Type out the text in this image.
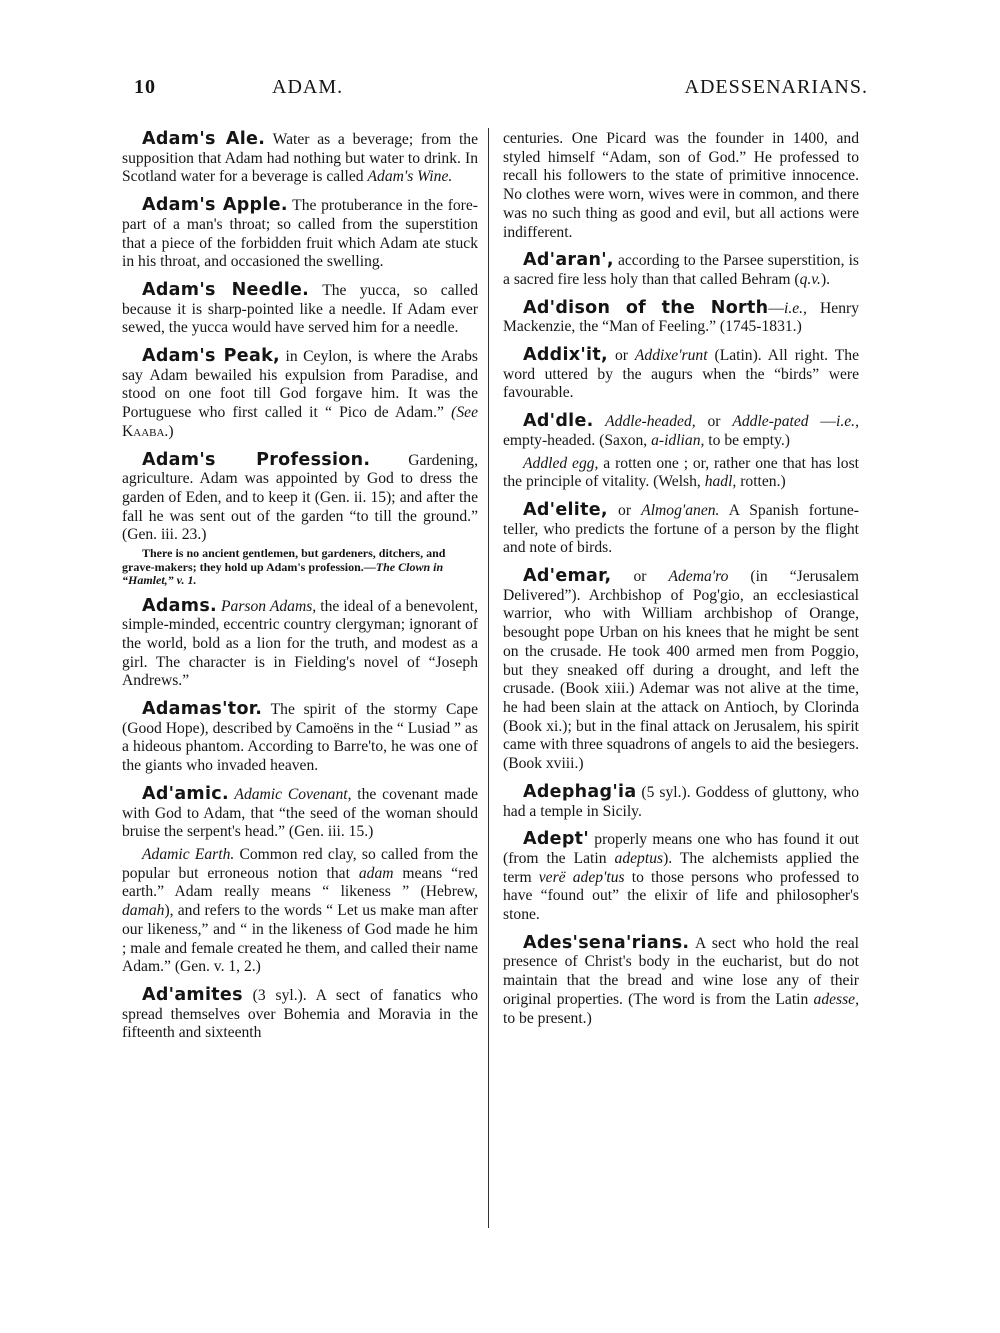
10	ADAM.	ADESSENARIANS.

Adam's Ale. Water as a beverage; from the supposition that Adam had nothing but water to drink. In Scotland water for a beverage is called Adam's Wine.

Adam's Apple. The protuberance in the fore-part of a man's throat; so called from the superstition that a piece of the forbidden fruit which Adam ate stuck in his throat, and occasioned the swelling.

Adam's Needle. The yucca, so called because it is sharp-pointed like a needle. If Adam ever sewed, the yucca would have served him for a needle.

Adam's Peak, in Ceylon, is where the Arabs say Adam bewailed his expulsion from Paradise, and stood on one foot till God forgave him. It was the Portuguese who first called it “ Pico de Adam.” (See Kaaba.)

Adam's Profession. Gardening, agriculture. Adam was appointed by God to dress the garden of Eden, and to keep it (Gen. ii. 15); and after the fall he was sent out of the garden “to till the ground.” (Gen. iii. 23.)

There is no ancient gentlemen, but gardeners, ditchers, and grave-makers; they hold up Adam's profession.—The Clown in “Hamlet,” v. 1.

Adams. Parson Adams, the ideal of a benevolent, simple-minded, eccentric country clergyman; ignorant of the world, bold as a lion for the truth, and modest as a girl. The character is in Fielding's novel of “Joseph Andrews.”

Adamas'tor. The spirit of the stormy Cape (Good Hope), described by Camoëns in the “ Lusiad ” as a hideous phantom. According to Barre'to, he was one of the giants who invaded heaven.

Ad'amic. Adamic Covenant, the covenant made with God to Adam, that “the seed of the woman should bruise the serpent's head.” (Gen. iii. 15.)

Adamic Earth. Common red clay, so called from the popular but erroneous notion that adam means “red earth.” Adam really means “ likeness ” (Hebrew, damah), and refers to the words “ Let us make man after our likeness,” and “ in the likeness of God made he him ; male and female created he them, and called their name Adam.” (Gen. v. 1, 2.)

Ad'amites (3 syl.). A sect of fanatics who spread themselves over Bohemia and Moravia in the fifteenth and sixteenth

centuries. One Picard was the founder in 1400, and styled himself “Adam, son of God.” He professed to recall his followers to the state of primitive innocence. No clothes were worn, wives were in common, and there was no such thing as good and evil, but all actions were indifferent.

Ad'aran', according to the Parsee superstition, is a sacred fire less holy than that called Behram (q.v.).

Ad'dison of the North—i.e., Henry Mackenzie, the “Man of Feeling.” (1745-1831.)

Addix'it, or Addixe'runt (Latin). All right. The word uttered by the augurs when the “birds” were favourable.

Ad'dle. Addle-headed, or Addle-pated —i.e., empty-headed. (Saxon, a-idlian, to be empty.)

Addled egg, a rotten one ; or, rather one that has lost the principle of vitality. (Welsh, hadl, rotten.)

Ad'elite, or Almog'anen. A Spanish fortune-teller, who predicts the fortune of a person by the flight and note of birds.

Ad'emar, or Adema'ro (in “Jerusalem Delivered”). Archbishop of Pog'gio, an ecclesiastical warrior, who with William archbishop of Orange, besought pope Urban on his knees that he might be sent on the crusade. He took 400 armed men from Poggio, but they sneaked off during a drought, and left the crusade. (Book xiii.) Ademar was not alive at the time, he had been slain at the attack on Antioch, by Clorinda (Book xi.); but in the final attack on Jerusalem, his spirit came with three squadrons of angels to aid the besiegers. (Book xviii.)

Adephag'ia (5 syl.). Goddess of gluttony, who had a temple in Sicily.

Adept' properly means one who has found it out (from the Latin adeptus). The alchemists applied the term verë adep'tus to those persons who professed to have “found out” the elixir of life and philosopher's stone.

Ades'sena'rians. A sect who hold the real presence of Christ's body in the eucharist, but do not maintain that the bread and wine lose any of their original properties. (The word is from the Latin adesse, to be present.)
